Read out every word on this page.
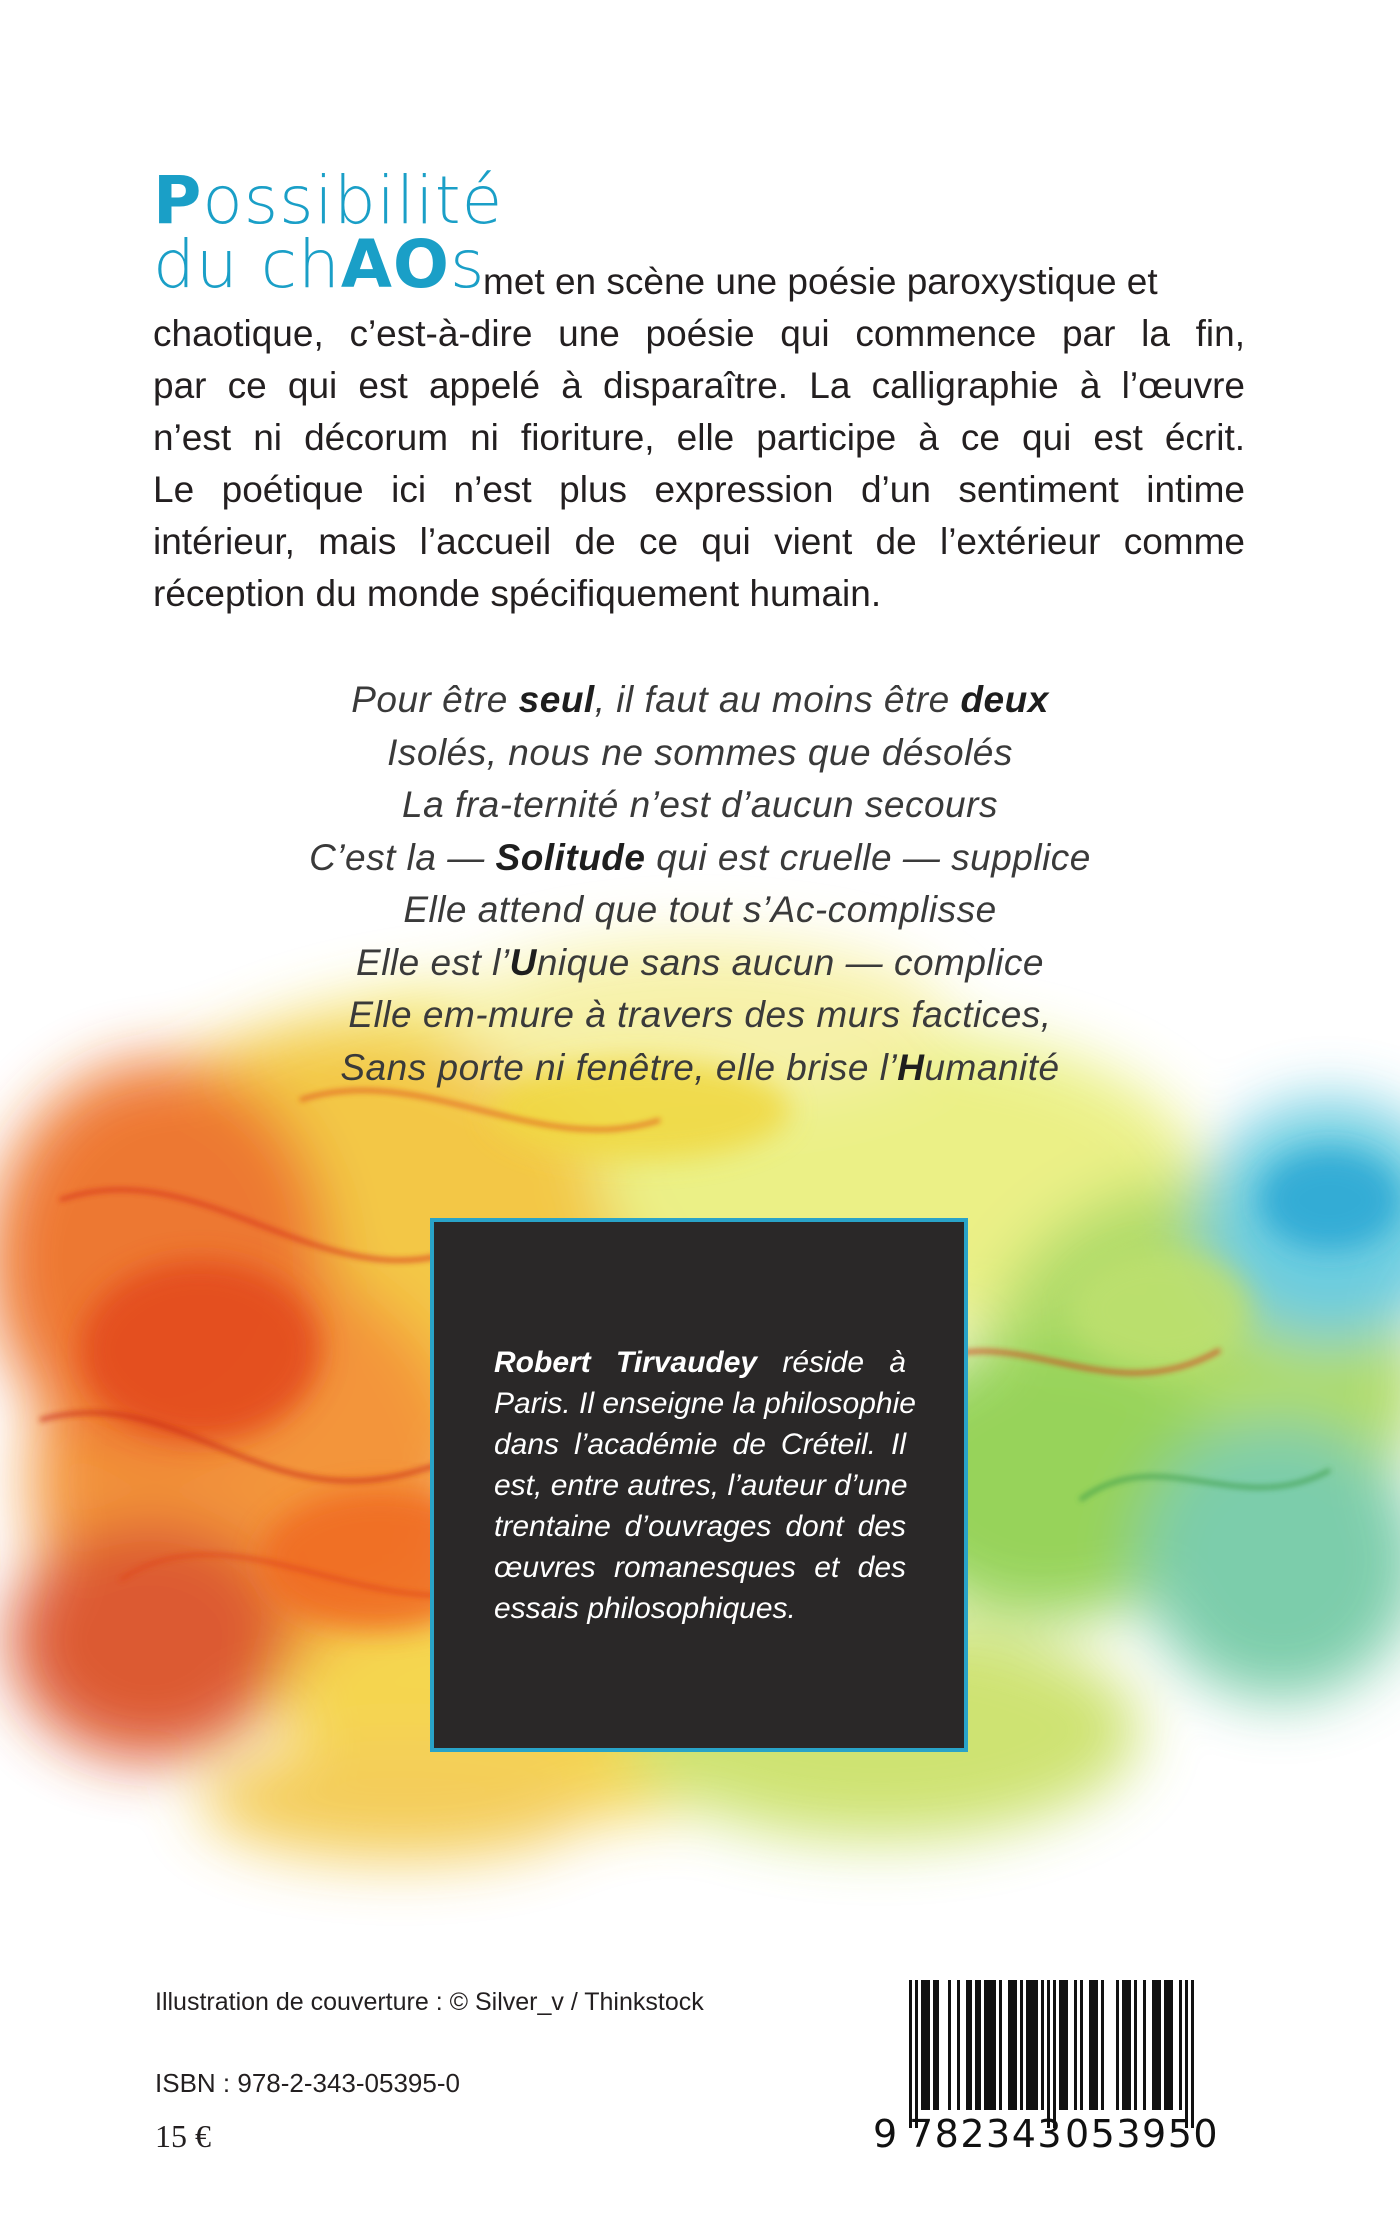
Possibilité
du chAOs
met en scène une poésie paroxystique et
chaotique, c’est-à-dire une poésie qui commence par la fin,
par ce qui est appelé à disparaître. La calligraphie à l’œuvre
n’est ni décorum ni fioriture, elle participe à ce qui est écrit.
Le poétique ici n’est plus expression d’un sentiment intime
intérieur, mais l’accueil de ce qui vient de l’extérieur comme
réception du monde spécifiquement humain.
Pour être seul, il faut au moins être deux
Isolés, nous ne sommes que désolés
La fra-ternité n’est d’aucun secours
C’est la — Solitude qui est cruelle — supplice
Elle attend que tout s’Ac-complisse
Elle est l’Unique sans aucun — complice
Elle em-mure à travers des murs factices,
Sans porte ni fenêtre, elle brise l’Humanité
Robert Tirvaudey réside à
Paris. Il enseigne la philosophie
dans l’académie de Créteil. Il
est, entre autres, l’auteur d’une
trentaine d’ouvrages dont des
œuvres romanesques et des
essais philosophiques.
Illustration de couverture : © Silver_v / Thinkstock
ISBN : 978-2-343-05395-0
15 €	9 782343 053950
